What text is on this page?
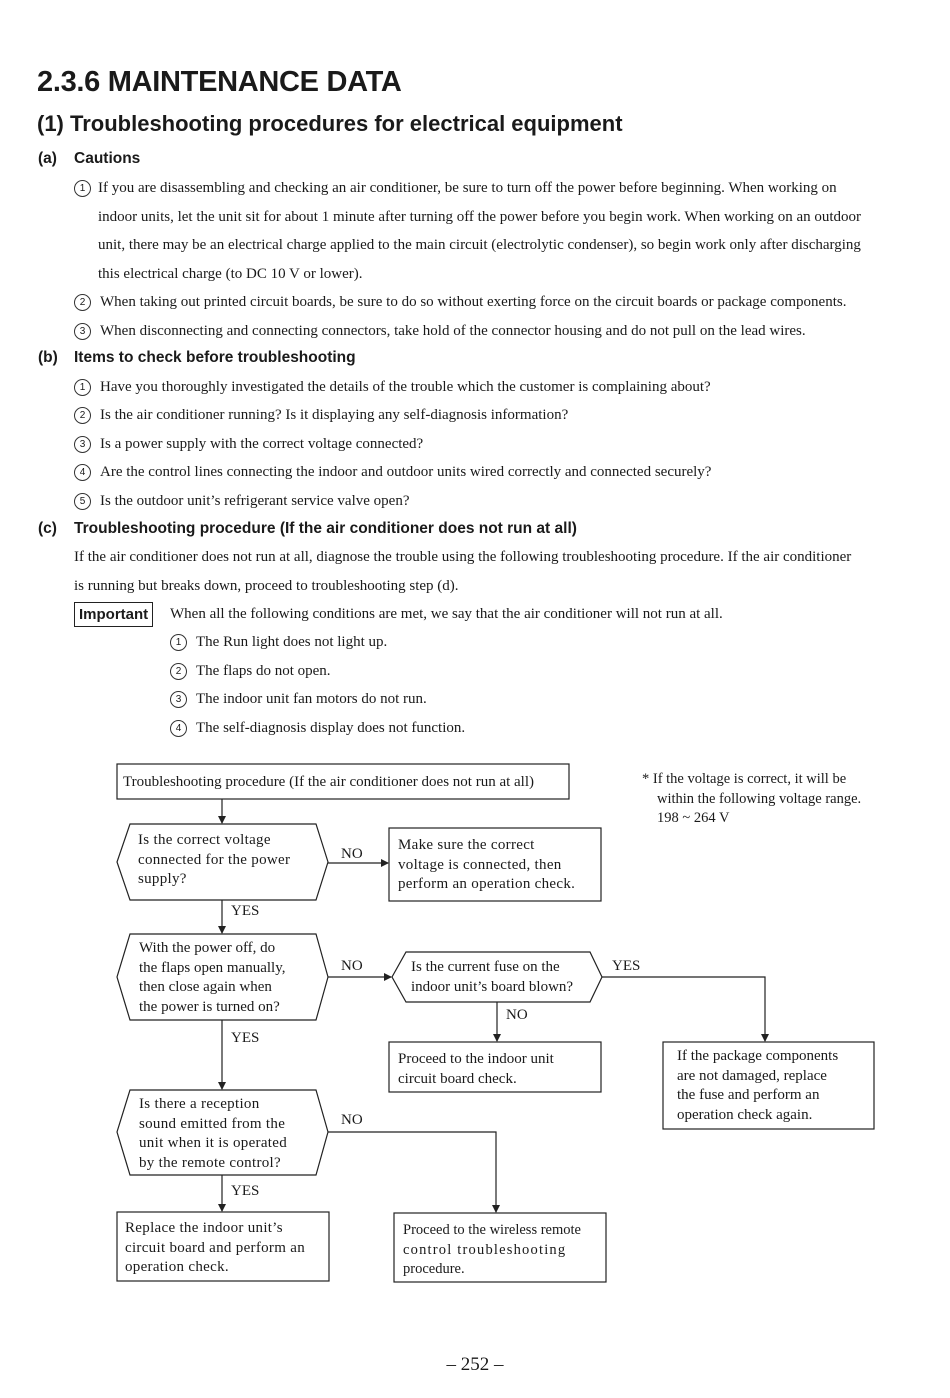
2.3.6 MAINTENANCE DATA
(1) Troubleshooting procedures for electrical equipment
(a) Cautions
1 If you are disassembling and checking an air conditioner, be sure to turn off the power before beginning. When working on
indoor units, let the unit sit for about 1 minute after turning off the power before you begin work. When working on an outdoor
unit, there may be an electrical charge applied to the main circuit (electrolytic condenser), so begin work only after discharging
this electrical charge (to DC 10 V or lower).
2 When taking out printed circuit boards, be sure to do so without exerting force on the circuit boards or package components.
3 When disconnecting and connecting connectors, take hold of the connector housing and do not pull on the lead wires.
(b) Items to check before troubleshooting
1 Have you thoroughly investigated the details of the trouble which the customer is complaining about?
2 Is the air conditioner running? Is it displaying any self-diagnosis information?
3 Is a power supply with the correct voltage connected?
4 Are the control lines connecting the indoor and outdoor units wired correctly and connected securely?
5 Is the outdoor unit’s refrigerant service valve open?
(c) Troubleshooting procedure (If the air conditioner does not run at all)
If the air conditioner does not run at all, diagnose the trouble using the following troubleshooting procedure. If the air conditioner
is running but breaks down, proceed to troubleshooting step (d).
Important	When all the following conditions are met, we say that the air conditioner will not run at all.
1 The Run light does not light up.
2 The flaps do not open.
3 The indoor unit fan motors do not run.
4 The self-diagnosis display does not function.
Troubleshooting procedure (If the air conditioner does not run at all)	* If the voltage is correct, it will be
within the following voltage range.
198 ~ 264 V
Is the correct voltage
connected for the power
supply?
NO
Make sure the correct
voltage is connected, then
perform an operation check.
YES
With the power off, do
the flaps open manually,
then close again when
the power is turned on?
NO	Is the current fuse on the
indoor unit’s board blown?
YES
NO
YES
Proceed to the indoor unit
circuit board check.
If the package components
are not damaged, replace
the fuse and perform an
operation check again.
Is there a reception
sound emitted from the
unit when it is operated
by the remote control?
NO
YES
Replace the indoor unit’s
circuit board and perform an
operation check.
Proceed to the wireless remote
control troubleshooting
procedure.
– 252 –
